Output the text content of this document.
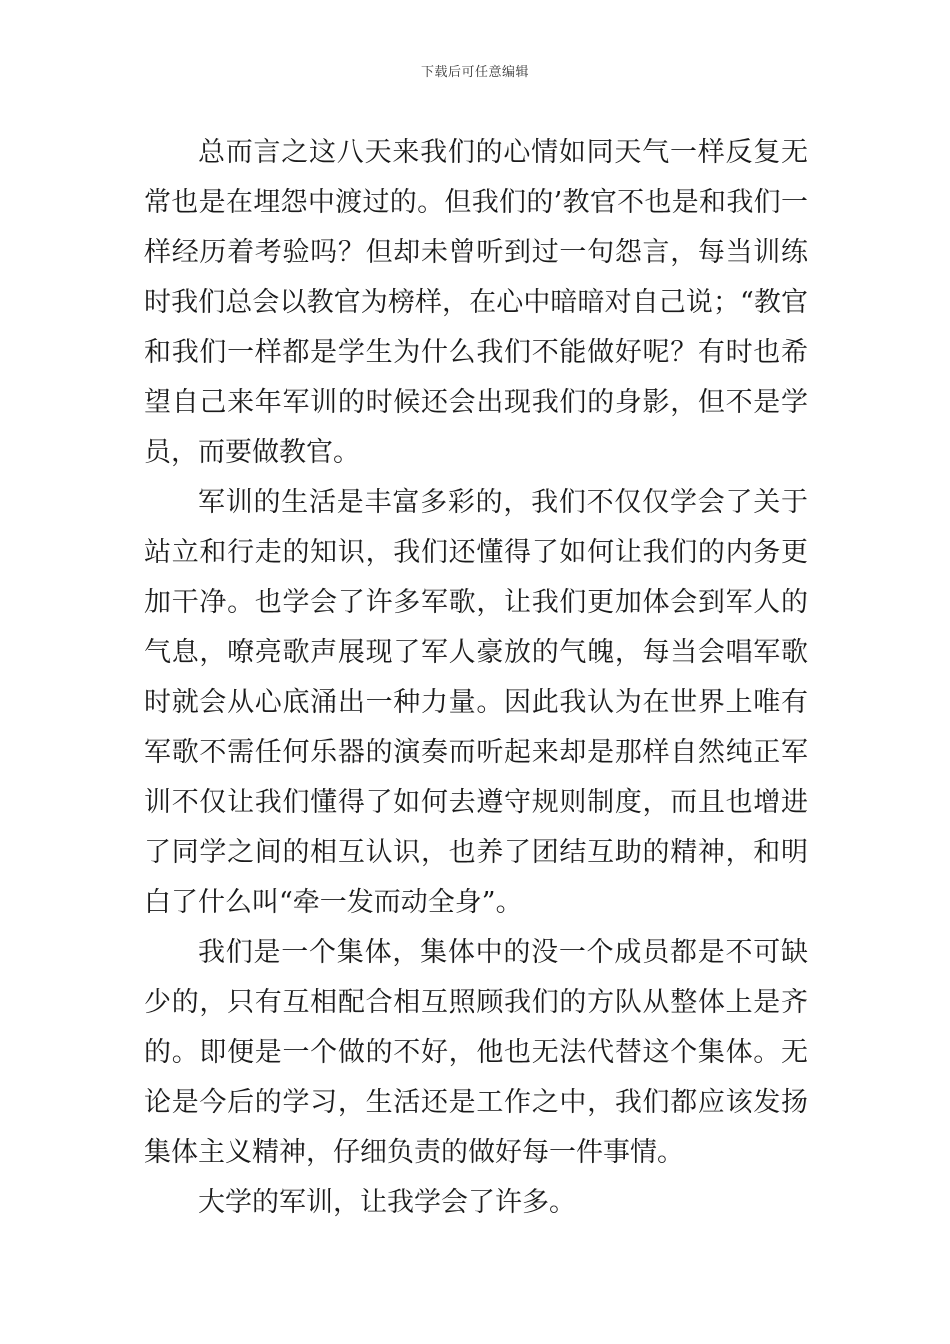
下载后可任意编辑

总而言之这八天来我们的心情如同天气一样反复无常也是在埋怨中渡过的。但我们的’教官不也是和我们一样经历着考验吗？但却未曾听到过一句怨言，每当训练时我们总会以教官为榜样，在心中暗暗对自己说；“教官和我们一样都是学生为什么我们不能做好呢？有时也希望自己来年军训的时候还会出现我们的身影，但不是学员，而要做教官。

军训的生活是丰富多彩的，我们不仅仅学会了关于站立和行走的知识，我们还懂得了如何让我们的内务更加干净。也学会了许多军歌，让我们更加体会到军人的气息，嘹亮歌声展现了军人豪放的气魄，每当会唱军歌时就会从心底涌出一种力量。因此我认为在世界上唯有军歌不需任何乐器的演奏而听起来却是那样自然纯正军训不仅让我们懂得了如何去遵守规则制度，而且也增进了同学之间的相互认识，也养了团结互助的精神，和明白了什么叫“牵一发而动全身”。

我们是一个集体，集体中的没一个成员都是不可缺少的，只有互相配合相互照顾我们的方队从整体上是齐的。即便是一个做的不好，他也无法代替这个集体。无论是今后的学习，生活还是工作之中，我们都应该发扬集体主义精神，仔细负责的做好每一件事情。

大学的军训，让我学会了许多。
